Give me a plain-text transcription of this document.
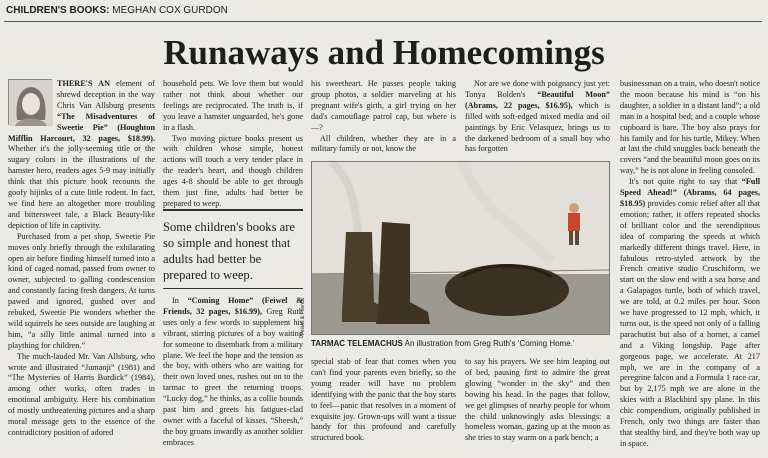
CHILDREN'S BOOKS: MEGHAN COX GURDON
Runaways and Homecomings

THERE'S AN element of shrewd deception in the way Chris Van Allsburg presents “The Misadventures of Sweetie Pie” (Houghton Mifflin Harcourt, 32 pages, $18.99). Whether it's the jolly-seeming title or the sugary colors in the illustrations of the hamster hero, readers ages 5-9 may initially think that this picture book recounts the goofy hijinks of a cute little rodent. In fact, we find here an altogether more troubling and bittersweet tale, a Black Beauty-like depiction of life in captivity.

Purchased from a pet shop, Sweetie Pie moves only briefly through the exhilarating open air before finding himself turned into a kind of caged nomad, passed from owner to owner, subjected to galling condescension and constantly facing fresh dangers. At turns pawed and ignored, gushed over and rebuked, Sweetie Pie wonders whether the wild squirrels he sees outside are laughing at him, “a silly little animal turned into a plaything for children.”

The much-lauded Mr. Van Allsburg, who wrote and illustrated “Jumanji” (1981) and “The Mysteries of Harris Burdick” (1984), among other works, often trades in emotional ambiguity. Here his combination of mostly unthreatening pictures and a sharp moral message gets to the essence of the contradictory position of adored

household pets. We love them but would rather not think about whether our feelings are reciprocated. The truth is, if you leave a hamster unguarded, he's gone in a flash.

Two moving picture books present us with children whose simple, honest actions will touch a very tender place in the reader's heart, and though children ages 4-8 should be able to get through them just fine, adults had better be prepared to weep.

Some children's books are so simple and honest that adults had better be prepared to weep.

In “Coming Home” (Feiwel & Friends, 32 pages, $16.99), Greg Ruth uses only a few words to supplement his vibrant, stirring pictures of a boy waiting for someone to disembark from a military plane. We feel the hope and the tension as the boy, with others who are waiting for their own loved ones, rushes out on to the tarmac to greet the returning troops. “Lucky dog,” he thinks, as a collie bounds past him and greets his fatigues-clad owner with a faceful of kisses. “Sheesh,” the boy groans inwardly as another soldier embraces

his sweetheart. He passes people taking group photos, a soldier marveling at his pregnant wife's girth, a girl trying on her dad's camouflage patrol cap, but where is—?

All children, whether they are in a military family or not, know the

Nor are we done with poignancy just yet: Tonya Bolden's “Beautiful Moon” (Abrams, 22 pages, $16.95), which is filled with soft-edged mixed media and oil paintings by Eric Velasquez, brings us to the darkened bedroom of a small boy who has forgotten

Feiwel & Friends
TARMAC TELEMACHUS An illustration from Greg Ruth's ‘Coming Home.’

special stab of fear that comes when you can't find your parents even briefly, so the young reader will have no problem identifying with the panic that the boy starts to feel—panic that resolves in a moment of exquisite joy. Grown-ups will want a tissue handy for this profound and carefully structured book.

to say his prayers. We see him leaping out of bed, pausing first to admire the great glowing “wonder in the sky” and then bowing his head. In the pages that follow, we get glimpses of nearby people for whom the child unknowingly asks blessings: a homeless woman, gazing up at the moon as she tries to stay warm on a park bench; a

businessman on a train, who doesn't notice the moon because his mind is “on his daughter, a soldier in a distant land”; a old man in a hospital bed; and a couple whose cupboard is bare. The boy also prays for his family and for his turtle, Mikey. When at last the child snuggles back beneath the covers “and the beautiful moon goes on its way,” he is not alone in feeling consoled.

It's not quite right to say that “Full Speed Ahead!” (Abrams, 64 pages, $18.95) provides comic relief after all that emotion; rather, it offers repeated shocks of brilliant color and the serendipitous idea of comparing the speeds at which markedly different things travel. Here, in fabulous retro-styled artwork by the French creative studio Cruschiform, we start on the slow end with a sea horse and a Galapagos turtle, both of which travel, we are told, at 0.2 miles per hour. Soon we have progressed to 12 mph, which, it turns out, is the speed not only of a falling parachutist but also of a hornet, a camel and a Viking longship. Page after gorgeous page, we accelerate. At 217 mph, we are in the company of a peregrine falcon and a Formula 1 race car, but by 2,175 mph we are alone in the skies with a Blackbird spy plane. In this chic compendium, originally published in French, only two things are faster than that stealthy bird, and they're both way up in space.
